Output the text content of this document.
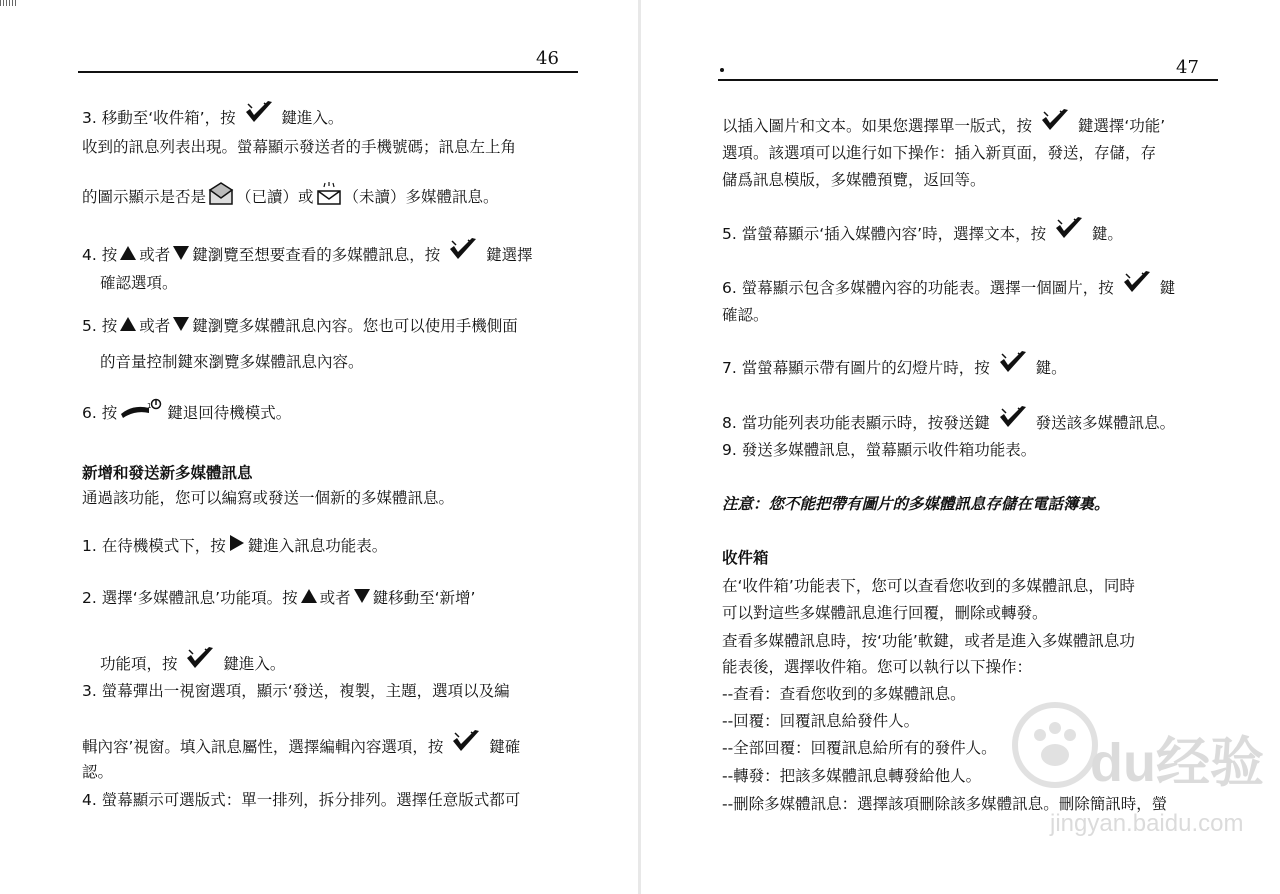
46
3. 移動至‘收件箱’，按  鍵進入。
收到的訊息列表出現。螢幕顯示發送者的手機號碼；訊息左上角
的圖示顯示是否是 （已讀）或 （未讀）多媒體訊息。
4. 按 或者 鍵瀏覽至想要查看的多媒體訊息，按  鍵選擇
確認選項。
5. 按 或者 鍵瀏覽多媒體訊息內容。您也可以使用手機側面
的音量控制鍵來瀏覽多媒體訊息內容。
6. 按	1 鍵退回待機模式。
新增和發送新多媒體訊息
通過該功能，您可以編寫或發送一個新的多媒體訊息。
1. 在待機模式下，按 鍵進入訊息功能表。
2. 選擇‘多媒體訊息’功能項。按 或者 鍵移動至‘新增’
功能項，按  鍵進入。
3. 螢幕彈出一視窗選項，顯示‘發送，複製，主題，選項以及編
輯內容’視窗。填入訊息屬性，選擇編輯內容選項，按  鍵確
認。
4. 螢幕顯示可選版式：單一排列，拆分排列。選擇任意版式都可
47
以插入圖片和文本。如果您選擇單一版式，按  鍵選擇‘功能’
選項。該選項可以進行如下操作：插入新頁面，發送，存儲，存
儲爲訊息模版，多媒體預覽，返回等。
5. 當螢幕顯示‘插入媒體內容’時，選擇文本，按  鍵。
6. 螢幕顯示包含多媒體內容的功能表。選擇一個圖片，按  鍵
確認。
7. 當螢幕顯示帶有圖片的幻燈片時，按  鍵。
8. 當功能列表功能表顯示時，按發送鍵  發送該多媒體訊息。
9. 發送多媒體訊息，螢幕顯示收件箱功能表。
注意：您不能把帶有圖片的多媒體訊息存儲在電話簿裏。
收件箱
在‘收件箱’功能表下，您可以查看您收到的多媒體訊息，同時
可以對這些多媒體訊息進行回覆，刪除或轉發。
查看多媒體訊息時，按‘功能’軟鍵，或者是進入多媒體訊息功
能表後，選擇收件箱。您可以執行以下操作：
--查看：查看您收到的多媒體訊息。
--回覆：回覆訊息給發件人。
--全部回覆：回覆訊息給所有的發件人。
--轉發：把該多媒體訊息轉發給他人。
--刪除多媒體訊息：選擇該項刪除該多媒體訊息。刪除簡訊時，螢
du经验
jingyan.baidu.com
